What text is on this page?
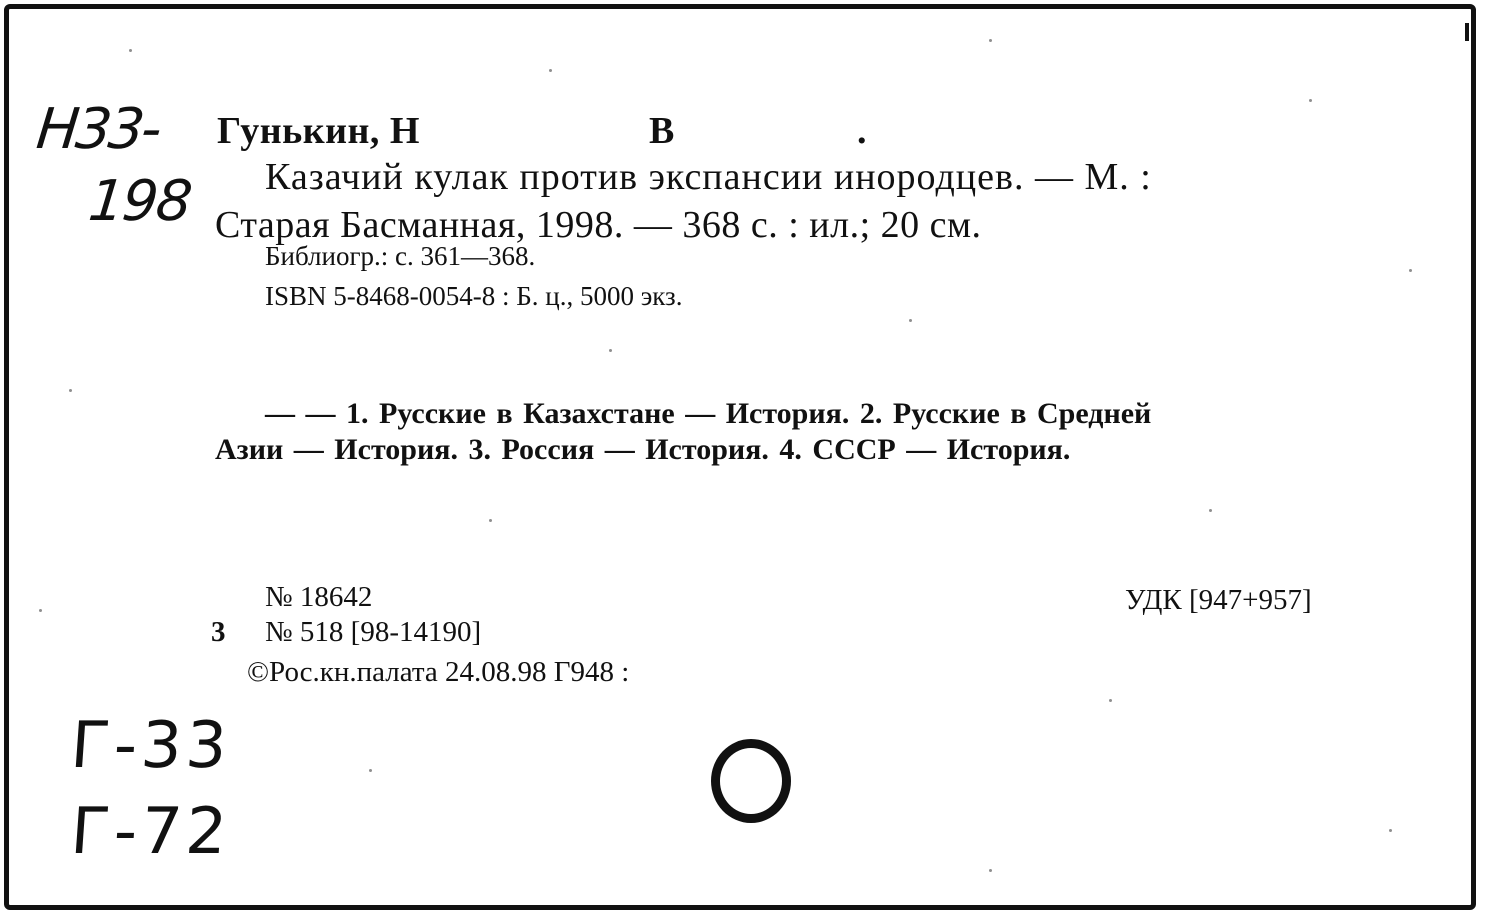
Н33-
198
Гунькин, Н	В	.
Казачий кулак против экспансии инородцев. — М. :
Старая Басманная, 1998. — 368 с. : ил.; 20 см.
Библиогр.: с. 361—368.
ISBN 5-8468-0054-8 : Б. ц., 5000 экз.
— — 1. Русские в Казахстане — История. 2. Русские в Средней
Азии — История. 3. Россия — История. 4. СССР — История.
№ 18642	УДК [947+957]
3 № 518 [98-14190]
©Рос.кн.палата 24.08.98 Г948 :
Г-33
Г-72
